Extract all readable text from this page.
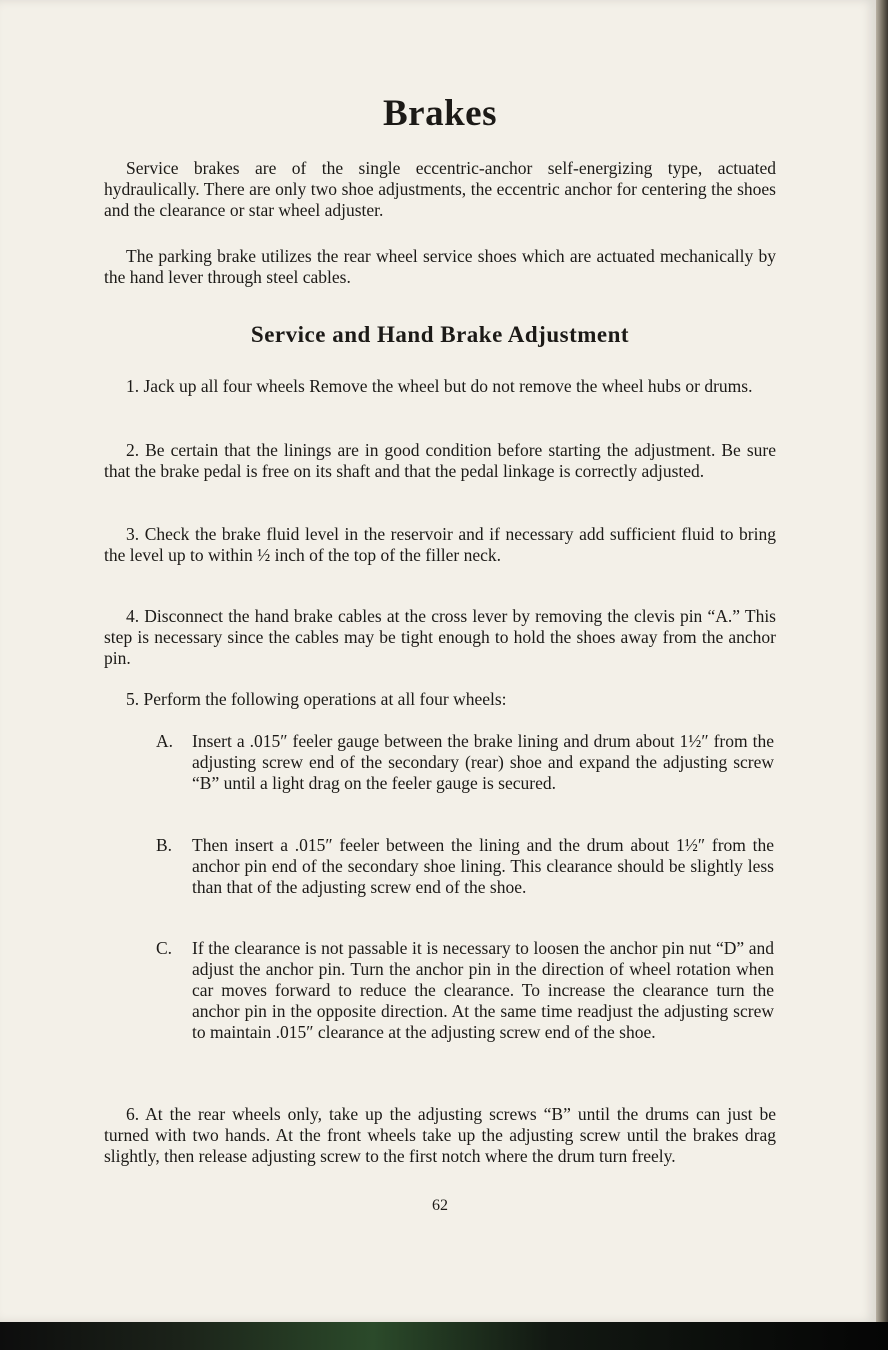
Brakes
Service brakes are of the single eccentric-anchor self-energizing type, actuated hydraulically. There are only two shoe adjustments, the eccentric anchor for centering the shoes and the clearance or star wheel adjuster.
The parking brake utilizes the rear wheel service shoes which are actuated mechanically by the hand lever through steel cables.
Service and Hand Brake Adjustment
1. Jack up all four wheels Remove the wheel but do not remove the wheel hubs or drums.
2. Be certain that the linings are in good condition before starting the adjustment. Be sure that the brake pedal is free on its shaft and that the pedal linkage is correctly adjusted.
3. Check the brake fluid level in the reservoir and if necessary add sufficient fluid to bring the level up to within ½ inch of the top of the filler neck.
4. Disconnect the hand brake cables at the cross lever by removing the clevis pin “A.” This step is necessary since the cables may be tight enough to hold the shoes away from the anchor pin.
5. Perform the following operations at all four wheels:
A. Insert a .015″ feeler gauge between the brake lining and drum about 1½″ from the adjusting screw end of the secondary (rear) shoe and expand the adjusting screw “B” until a light drag on the feeler gauge is secured.
B. Then insert a .015″ feeler between the lining and the drum about 1½″ from the anchor pin end of the secondary shoe lining. This clearance should be slightly less than that of the adjusting screw end of the shoe.
C. If the clearance is not passable it is necessary to loosen the anchor pin nut “D” and adjust the anchor pin. Turn the anchor pin in the direction of wheel rotation when car moves forward to reduce the clearance. To increase the clearance turn the anchor pin in the opposite direction. At the same time readjust the adjusting screw to maintain .015″ clearance at the adjusting screw end of the shoe.
6. At the rear wheels only, take up the adjusting screws “B” until the drums can just be turned with two hands. At the front wheels take up the adjusting screw until the brakes drag slightly, then release adjusting screw to the first notch where the drum turn freely.
62
